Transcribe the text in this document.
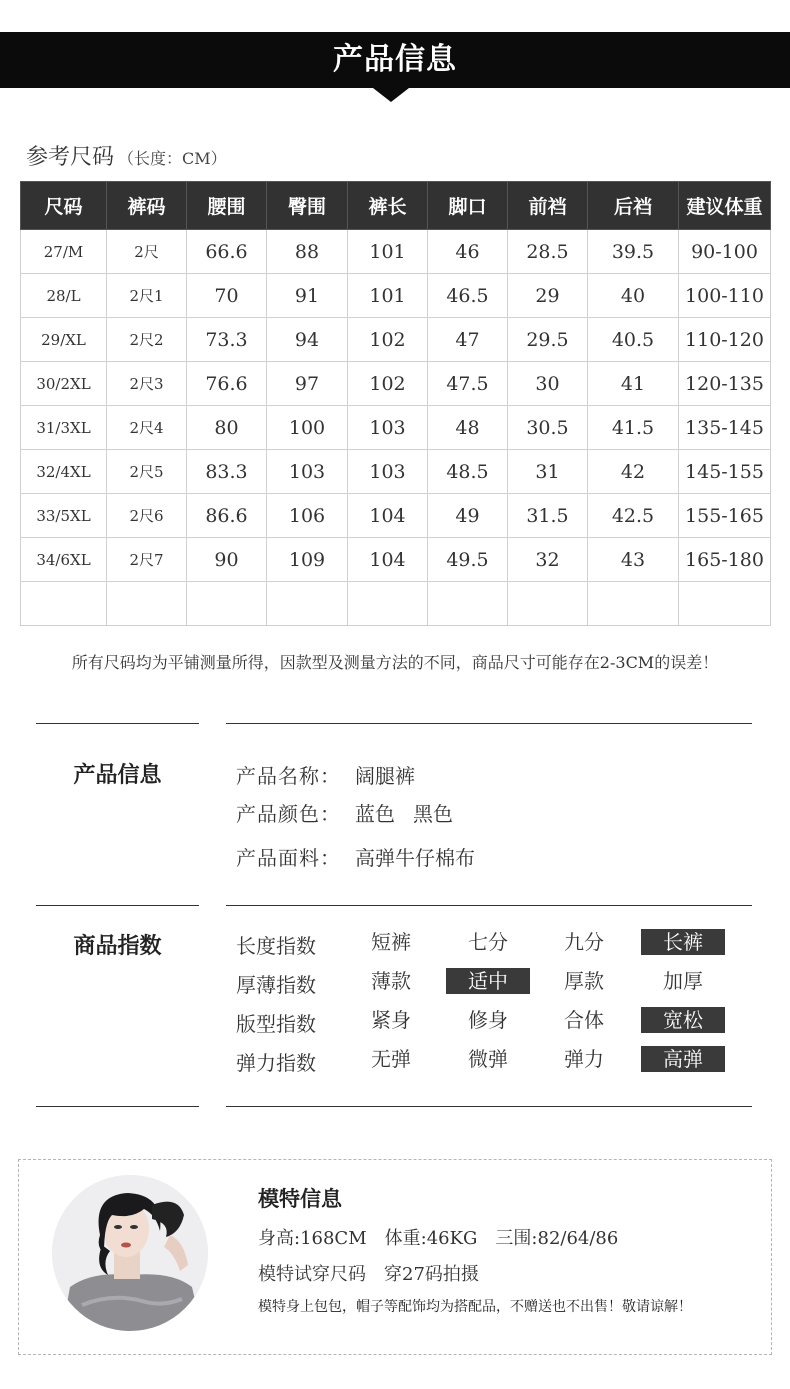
产品信息
参考尺码 （长度：CM）
尺码	裤码	腰围	臀围	裤长	脚口	前裆	后裆	建议体重
27/M	2尺	66.6	88	101	46	28.5	39.5	90-100
28/L	2尺1	70	91	101	46.5	29	40	100-110
29/XL	2尺2	73.3	94	102	47	29.5	40.5	110-120
30/2XL	2尺3	76.6	97	102	47.5	30	41	120-135
31/3XL	2尺4	80	100	103	48	30.5	41.5	135-145
32/4XL	2尺5	83.3	103	103	48.5	31	42	145-155
33/5XL	2尺6	86.6	106	104	49	31.5	42.5	155-165
34/6XL	2尺7	90	109	104	49.5	32	43	165-180

所有尺码均为平铺测量所得，因款型及测量方法的不同，商品尺寸可能存在2-3CM的误差！
产品信息	产品名称： 阔腿裤
产品颜色： 蓝色 黑色
产品面料： 高弹牛仔棉布
商品指数	长度指数	短裤	七分	九分	长裤
厚薄指数	薄款	适中	厚款	加厚
版型指数	紧身	修身	合体	宽松
弹力指数	无弹	微弹	弹力	高弹
模特信息
身高:168CM 体重:46KG 三围:82/64/86
模特试穿尺码 穿27码拍摄
模特身上包包，帽子等配饰均为搭配品，不赠送也不出售！敬请谅解！
